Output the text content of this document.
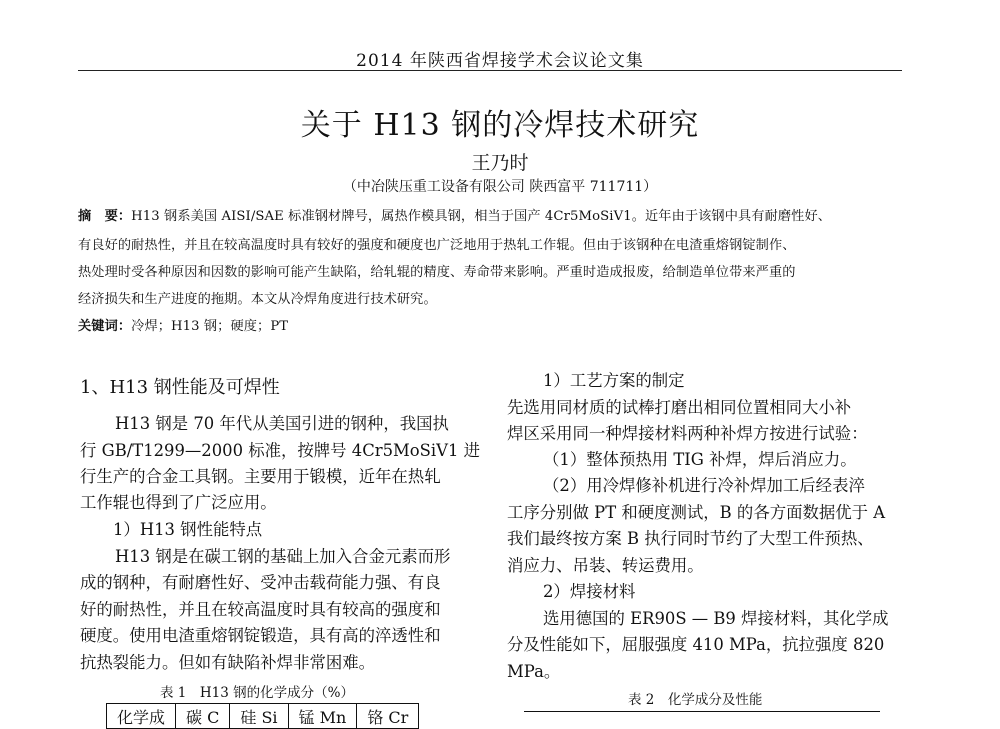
2014 年陕西省焊接学术会议论文集
关于 H13 钢的冷焊技术研究
王乃时
（中冶陕压重工设备有限公司 陕西富平 711711）
摘　要：H13 钢系美国 AISI/SAE 标准钢材牌号，属热作模具钢，相当于国产 4Cr5MoSiV1。近年由于该钢中具有耐磨性好、
有良好的耐热性，并且在较高温度时具有较好的强度和硬度也广泛地用于热轧工作辊。但由于该钢种在电渣重熔钢锭制作、
热处理时受各种原因和因数的影响可能产生缺陷，给轧辊的精度、寿命带来影响。严重时造成报废，给制造单位带来严重的
经济损失和生产进度的拖期。本文从冷焊角度进行技术研究。
关键词：冷焊；H13 钢；硬度；PT
1、H13 钢性能及可焊性
H13 钢是 70 年代从美国引进的钢种，我国执
行 GB/T1299—2000 标准，按牌号 4Cr5MoSiV1 进
行生产的合金工具钢。主要用于锻模，近年在热轧
工作辊也得到了广泛应用。
1）H13 钢性能特点
H13 钢是在碳工钢的基础上加入合金元素而形
成的钢种，有耐磨性好、受冲击载荷能力强、有良
好的耐热性，并且在较高温度时具有较高的强度和
硬度。使用电渣重熔钢锭锻造，具有高的淬透性和
抗热裂能力。但如有缺陷补焊非常困难。
表 1　H13 钢的化学成分（%）
化学成	碳 C	硅 Si	锰 Mn	铬 Cr
1）工艺方案的制定
先选用同材质的试棒打磨出相同位置相同大小补
焊区采用同一种焊接材料两种补焊方按进行试验：
（1）整体预热用 TIG 补焊，焊后消应力。
（2）用冷焊修补机进行冷补焊加工后经表淬
工序分别做 PT 和硬度测试，B 的各方面数据优于 A
我们最终按方案 B 执行同时节约了大型工件预热、
消应力、吊装、转运费用。
2）焊接材料
选用德国的 ER90S — B9 焊接材料，其化学成
分及性能如下，屈服强度 410 MPa，抗拉强度 820
MPa。
表 2　化学成分及性能
